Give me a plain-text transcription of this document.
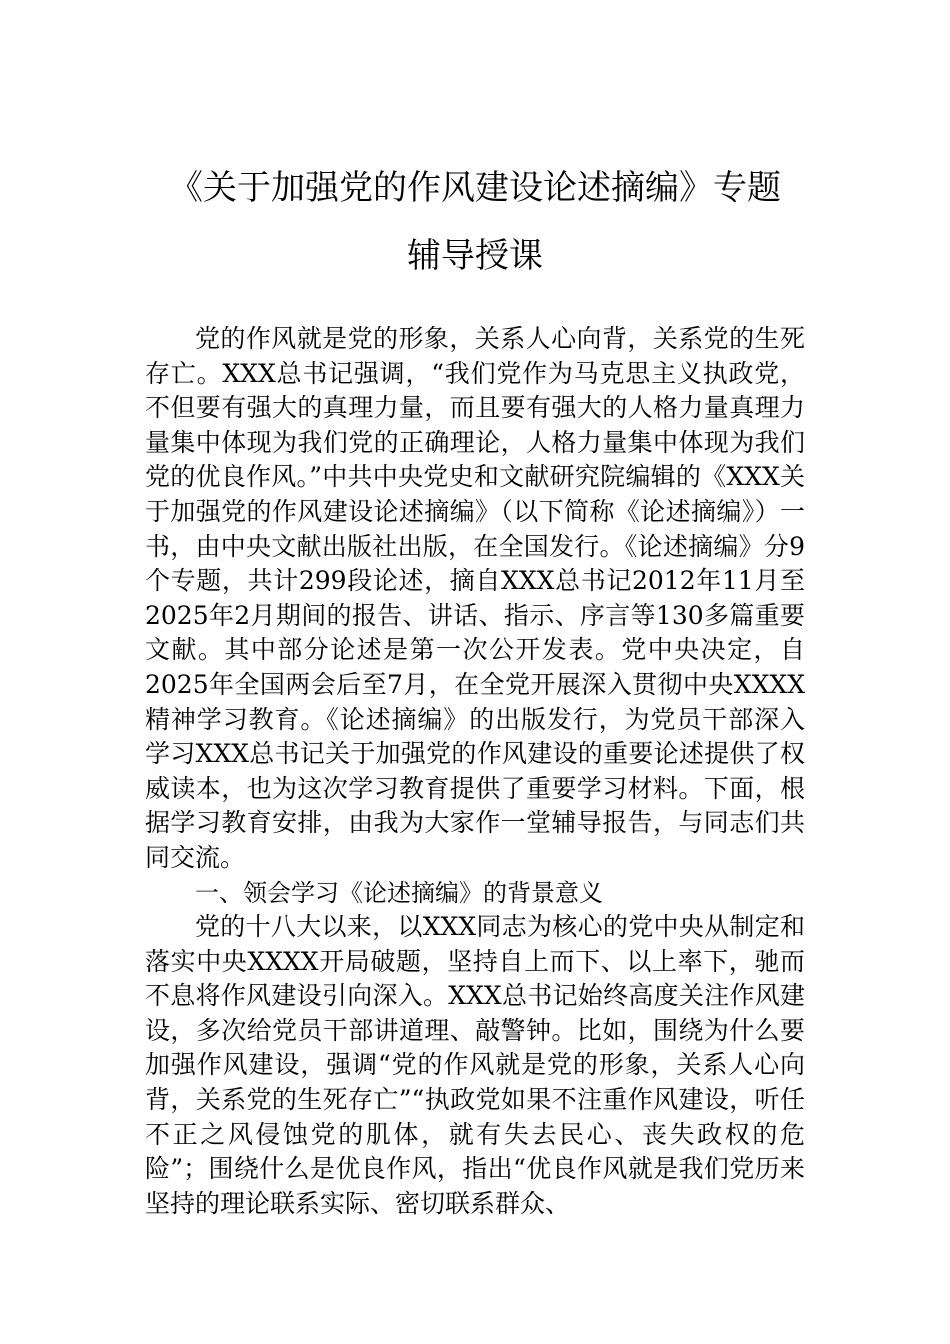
《关于加强党的作风建设论述摘编》专题
辅导授课

党的作风就是党的形象，关系人心向背，关系党的生死存亡。XXX总书记强调，“我们党作为马克思主义执政党，不但要有强大的真理力量，而且要有强大的人格力量真理力量集中体现为我们党的正确理论，人格力量集中体现为我们党的优良作风。”中共中央党史和文献研究院编辑的《XXX关于加强党的作风建设论述摘编》（以下简称《论述摘编》）一书，由中央文献出版社出版，在全国发行。《论述摘编》分9个专题，共计299段论述，摘自XXX总书记2012年11月至2025年2月期间的报告、讲话、指示、序言等130多篇重要文献。其中部分论述是第一次公开发表。党中央决定，自2025年全国两会后至7月，在全党开展深入贯彻中央XXXX精神学习教育。《论述摘编》的出版发行，为党员干部深入学习XXX总书记关于加强党的作风建设的重要论述提供了权威读本，也为这次学习教育提供了重要学习材料。下面，根据学习教育安排，由我为大家作一堂辅导报告，与同志们共同交流。

一、领会学习《论述摘编》的背景意义

党的十八大以来，以XXX同志为核心的党中央从制定和落实中央XXXX开局破题，坚持自上而下、以上率下，驰而不息将作风建设引向深入。XXX总书记始终高度关注作风建设，多次给党员干部讲道理、敲警钟。比如，围绕为什么要加强作风建设，强调“党的作风就是党的形象，关系人心向背，关系党的生死存亡”“执政党如果不注重作风建设，听任不正之风侵蚀党的肌体，就有失去民心、丧失政权的危险”；围绕什么是优良作风，指出“优良作风就是我们党历来坚持的理论联系实际、密切联系群众、
